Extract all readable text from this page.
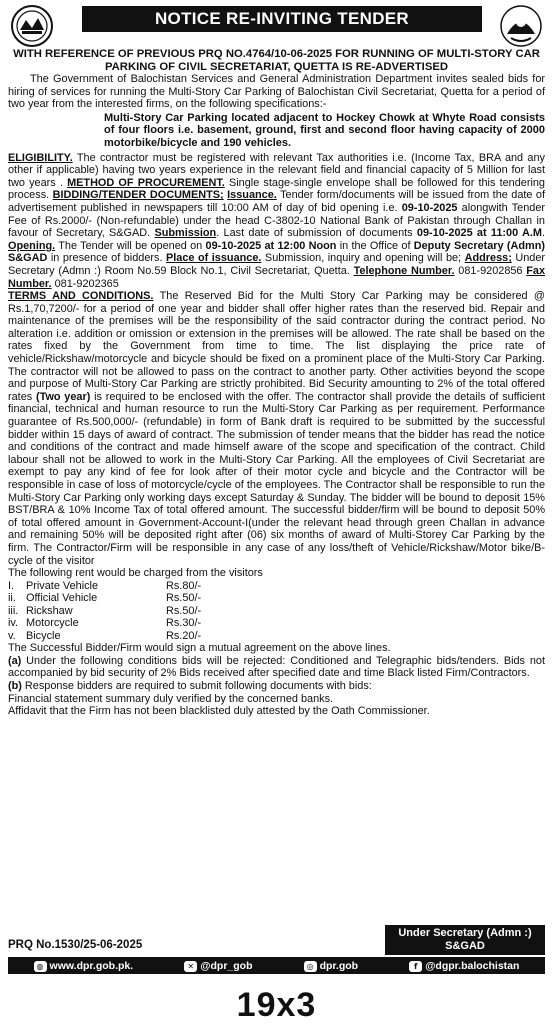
NOTICE RE-INVITING TENDER
WITH REFERENCE OF PREVIOUS PRQ NO.4764/10-06-2025 FOR RUNNING OF MULTI-STORY CAR PARKING OF CIVIL SECRETARIAT, QUETTA IS RE-ADVERTISED

The Government of Balochistan Services and General Administration Department invites sealed bids for hiring of services for running the Multi-Story Car Parking of Balochistan Civil Secretariat, Quetta for a period of two year from the interested firms, on the following specifications:-

Multi-Story Car Parking located adjacent to Hockey Chowk at Whyte Road consists of four floors i.e. basement, ground, first and second floor having capacity of 2000 motorbike/bicycle and 190 vehicles.

ELIGIBILITY. The contractor must be registered with relevant Tax authorities i.e. (Income Tax, BRA and any other if applicable) having two years experience in the relevant field and financial capacity of 5 Million for last two years . METHOD OF PROCUREMENT. Single stage-single envelope shall be followed for this tendering process. BIDDING/TENDER DOCUMENTS; Issuance. Tender form/documents will be issued from the date of advertisement published in newspapers till 10:00 AM of day of bid opening i.e. 09-10-2025 alongwith Tender Fee of Rs.2000/- (Non-refundable) under the head C-3802-10 National Bank of Pakistan through Challan in favour of Secretary, S&GAD. Submission. Last date of submission of documents 09-10-2025 at 11:00 A.M. Opening. The Tender will be opened on 09-10-2025 at 12:00 Noon in the Office of Deputy Secretary (Admn) S&GAD in presence of bidders. Place of issuance. Submission, inquiry and opening will be; Address; Under Secretary (Admn :) Room No.59 Block No.1, Civil Secretariat, Quetta. Telephone Number. 081-9202856 Fax Number. 081-9202365

TERMS AND CONDITIONS. The Reserved Bid for the Multi Story Car Parking may be considered @ Rs.1,70,7200/- for a period of one year and bidder shall offer higher rates than the reserved bid. Repair and maintenance of the premises will be the responsibility of the said contractor during the contract period. No alteration i.e. addition or omission or extension in the premises will be allowed. The rate shall be based on the rates fixed by the Government from time to time. The list displaying the price rate of vehicle/Rickshaw/motorcycle and bicycle should be fixed on a prominent place of the Multi-Story Car Parking. The contractor will not be allowed to pass on the contract to another party. Other activities beyond the scope and purpose of Multi-Story Car Parking are strictly prohibited. Bid Security amounting to 2% of the total offered rates (Two year) is required to be enclosed with the offer. The contractor shall provide the details of sufficient financial, technical and human resource to run the Multi-Story Car Parking as per requirement. Performance guarantee of Rs.500,000/- (refundable) in form of Bank draft is required to be submitted by the successful bidder within 15 days of award of contract. The submission of tender means that the bidder has read the notice and conditions of the contract and made himself aware of the scope and specification of the contract. Child labour shall not be allowed to work in the Multi-Story Car Parking. All the employees of Civil Secretariat are exempt to pay any kind of fee for look after of their motor cycle and bicycle and the Contractor will be responsible in case of loss of motorcycle/cycle of the employees. The Contractor shall be responsible to run the Multi-Story Car Parking only working days except Saturday & Sunday. The bidder will be bound to deposit 15% BST/BRA & 10% Income Tax of total offered amount. The successful bidder/firm will be bound to deposit 50% of total offered amount in Government-Account-I(under the relevant head through green Challan in advance and remaining 50% will be deposited right after (06) six months of award of Multi-Storey Car Parking by the firm. The Contractor/Firm will be responsible in any case of any loss/theft of Vehicle/Rickshaw/Motor bike/B-cycle of the visitor

The following rent would be charged from the visitors

I.	Private Vehicle	Rs.80/-
ii.	Official Vehicle	Rs.50/-
iii.	Rickshaw	Rs.50/-
iv.	Motorcycle	Rs.30/-
v.	Bicycle	Rs.20/-

The Successful Bidder/Firm would sign a mutual agreement on the above lines.

(a) Under the following conditions bids will be rejected: Conditioned and Telegraphic bids/tenders. Bids not accompanied by bid security of 2% Bids received after specified date and time Black listed Firm/Contractors.

(b) Response bidders are required to submit following documents with bids:

Financial statement summary duly verified by the concerned banks.

Affidavit that the Firm has not been blacklisted duly attested by the Oath Commissioner.

PRQ No.1530/25-06-2025
Under Secretary (Admn :)
S&GAD
◍ www.dpr.gob.pk.	✕ @dpr_gob	◎ dpr.gob	f @dgpr.balochistan
19x3
